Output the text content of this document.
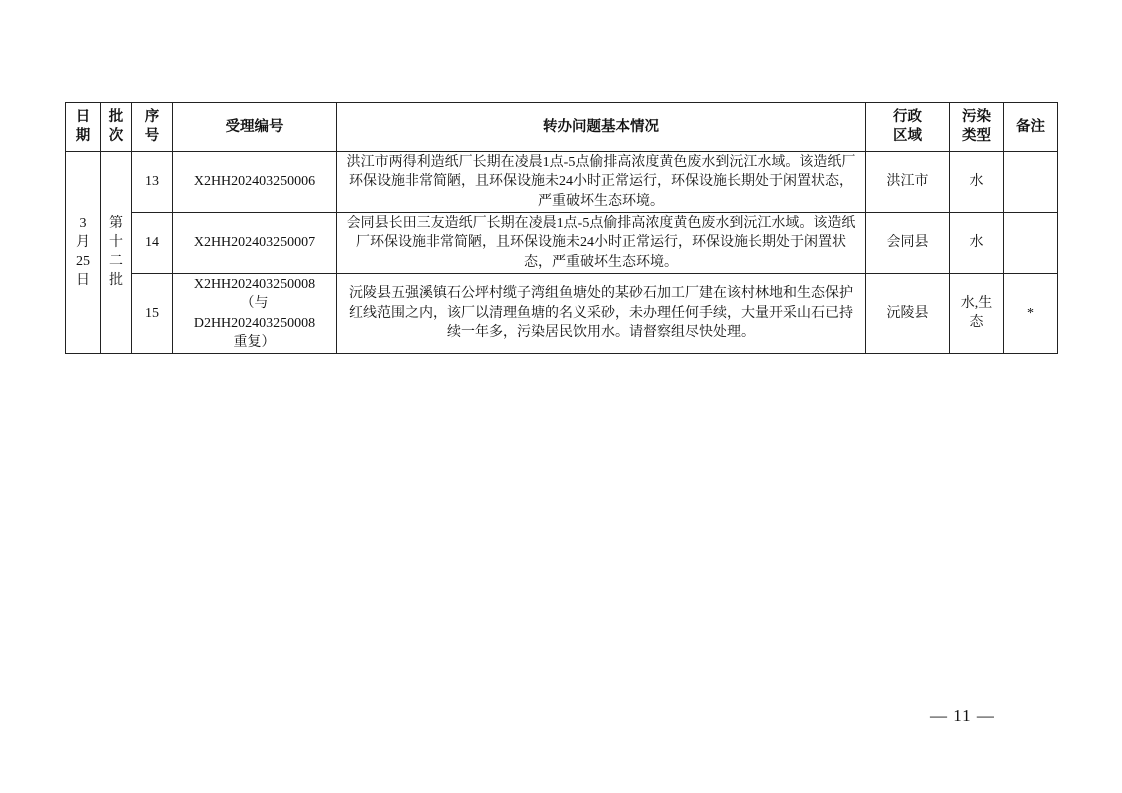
日期	批次	序号	受理编号	转办问题基本情况	行政区域	污染类型	备注
3月25日	第十二批	13	X2HH202403250006	洪江市两得利造纸厂长期在凌晨1点-5点偷排高浓度黄色废水到沅江水域。该造纸厂环保设施非常简陋，且环保设施未24小时正常运行，环保设施长期处于闲置状态，严重破坏生态环境。	洪江市	水	
		14	X2HH202403250007	会同县长田三友造纸厂长期在凌晨1点-5点偷排高浓度黄色废水到沅江水域。该造纸厂环保设施非常简陋，且环保设施未24小时正常运行，环保设施长期处于闲置状态，严重破坏生态环境。	会同县	水	
		15	X2HH202403250008
（与
D2HH202403250008
重复）	沅陵县五强溪镇石公坪村缆子湾组鱼塘处的某砂石加工厂建在该村林地和生态保护红线范围之内，该厂以清理鱼塘的名义采砂，未办理任何手续，大量开采山石已持续一年多，污染居民饮用水。请督察组尽快处理。	沅陵县	水,生态	*
— 11 —
